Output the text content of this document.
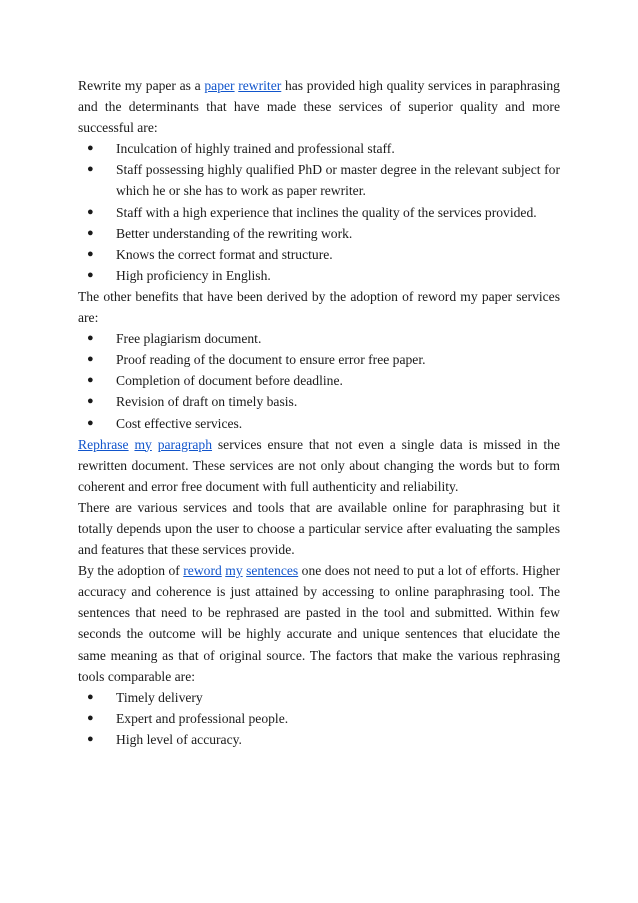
Rewrite my paper as a paper rewriter has provided high quality services in paraphrasing and the determinants that have made these services of superior quality and more successful are:

● Inculcation of highly trained and professional staff.
● Staff possessing highly qualified PhD or master degree in the relevant subject for which he or she has to work as paper rewriter.
● Staff with a high experience that inclines the quality of the services provided.
● Better understanding of the rewriting work.
● Knows the correct format and structure.
● High proficiency in English.

The other benefits that have been derived by the adoption of reword my paper services are:

● Free plagiarism document.
● Proof reading of the document to ensure error free paper.
● Completion of document before deadline.
● Revision of draft on timely basis.
● Cost effective services.

Rephrase my paragraph services ensure that not even a single data is missed in the rewritten document. These services are not only about changing the words but to form coherent and error free document with full authenticity and reliability.

There are various services and tools that are available online for paraphrasing but it totally depends upon the user to choose a particular service after evaluating the samples and features that these services provide.

By the adoption of reword my sentences one does not need to put a lot of efforts. Higher accuracy and coherence is just attained by accessing to online paraphrasing tool. The sentences that need to be rephrased are pasted in the tool and submitted. Within few seconds the outcome will be highly accurate and unique sentences that elucidate the same meaning as that of original source. The factors that make the various rephrasing tools comparable are:

● Timely delivery
● Expert and professional people.
● High level of accuracy.
